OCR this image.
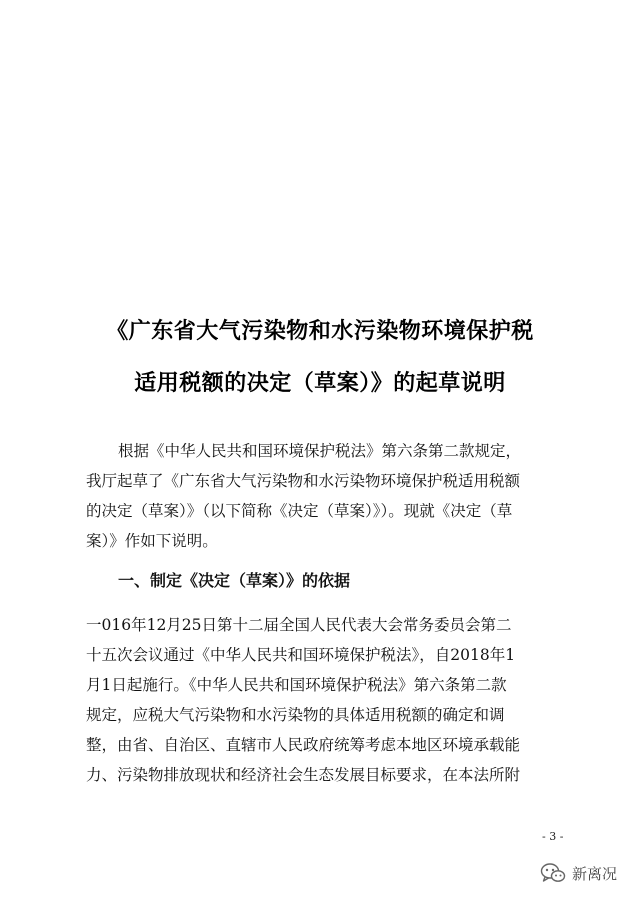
《广东省大气污染物和水污染物环境保护税
适用税额的决定（草案）》的起草说明
根据《中华人民共和国环境保护税法》第六条第二款规定，
我厅起草了《广东省大气污染物和水污染物环境保护税适用税额
的决定（草案）》（以下简称《决定（草案）》）。现就《决定（草
案）》作如下说明。
一、制定《决定（草案）》的依据
一016年12月25日第十二届全国人民代表大会常务委员会第二
十五次会议通过《中华人民共和国环境保护税法》，自2018年1
月1日起施行。《中华人民共和国环境保护税法》第六条第二款
规定，应税大气污染物和水污染物的具体适用税额的确定和调
整，由省、自治区、直辖市人民政府统筹考虑本地区环境承载能
力、污染物排放现状和经济社会生态发展目标要求，在本法所附
- 3 -
新离况
